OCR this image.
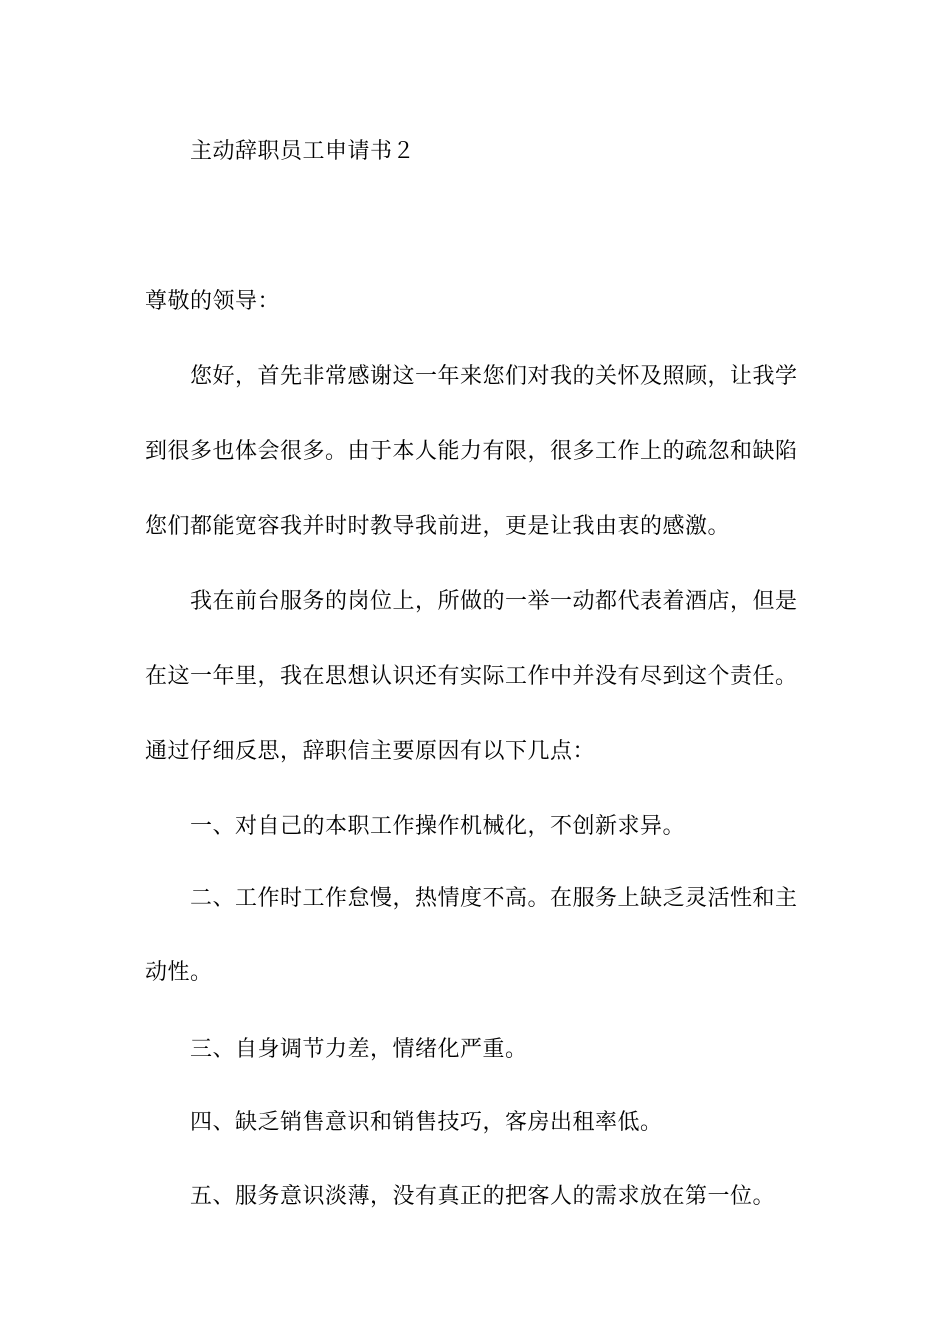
主动辞职员工申请书２
尊敬的领导：
您好，首先非常感谢这一年来您们对我的关怀及照顾，让我学
到很多也体会很多。由于本人能力有限，很多工作上的疏忽和缺陷
您们都能宽容我并时时教导我前进，更是让我由衷的感激。
我在前台服务的岗位上，所做的一举一动都代表着酒店，但是
在这一年里，我在思想认识还有实际工作中并没有尽到这个责任。
通过仔细反思，辞职信主要原因有以下几点：
一、对自己的本职工作操作机械化，不创新求异。
二、工作时工作怠慢，热情度不高。在服务上缺乏灵活性和主
动性。
三、自身调节力差，情绪化严重。
四、缺乏销售意识和销售技巧，客房出租率低。
五、服务意识淡薄，没有真正的把客人的需求放在第一位。
